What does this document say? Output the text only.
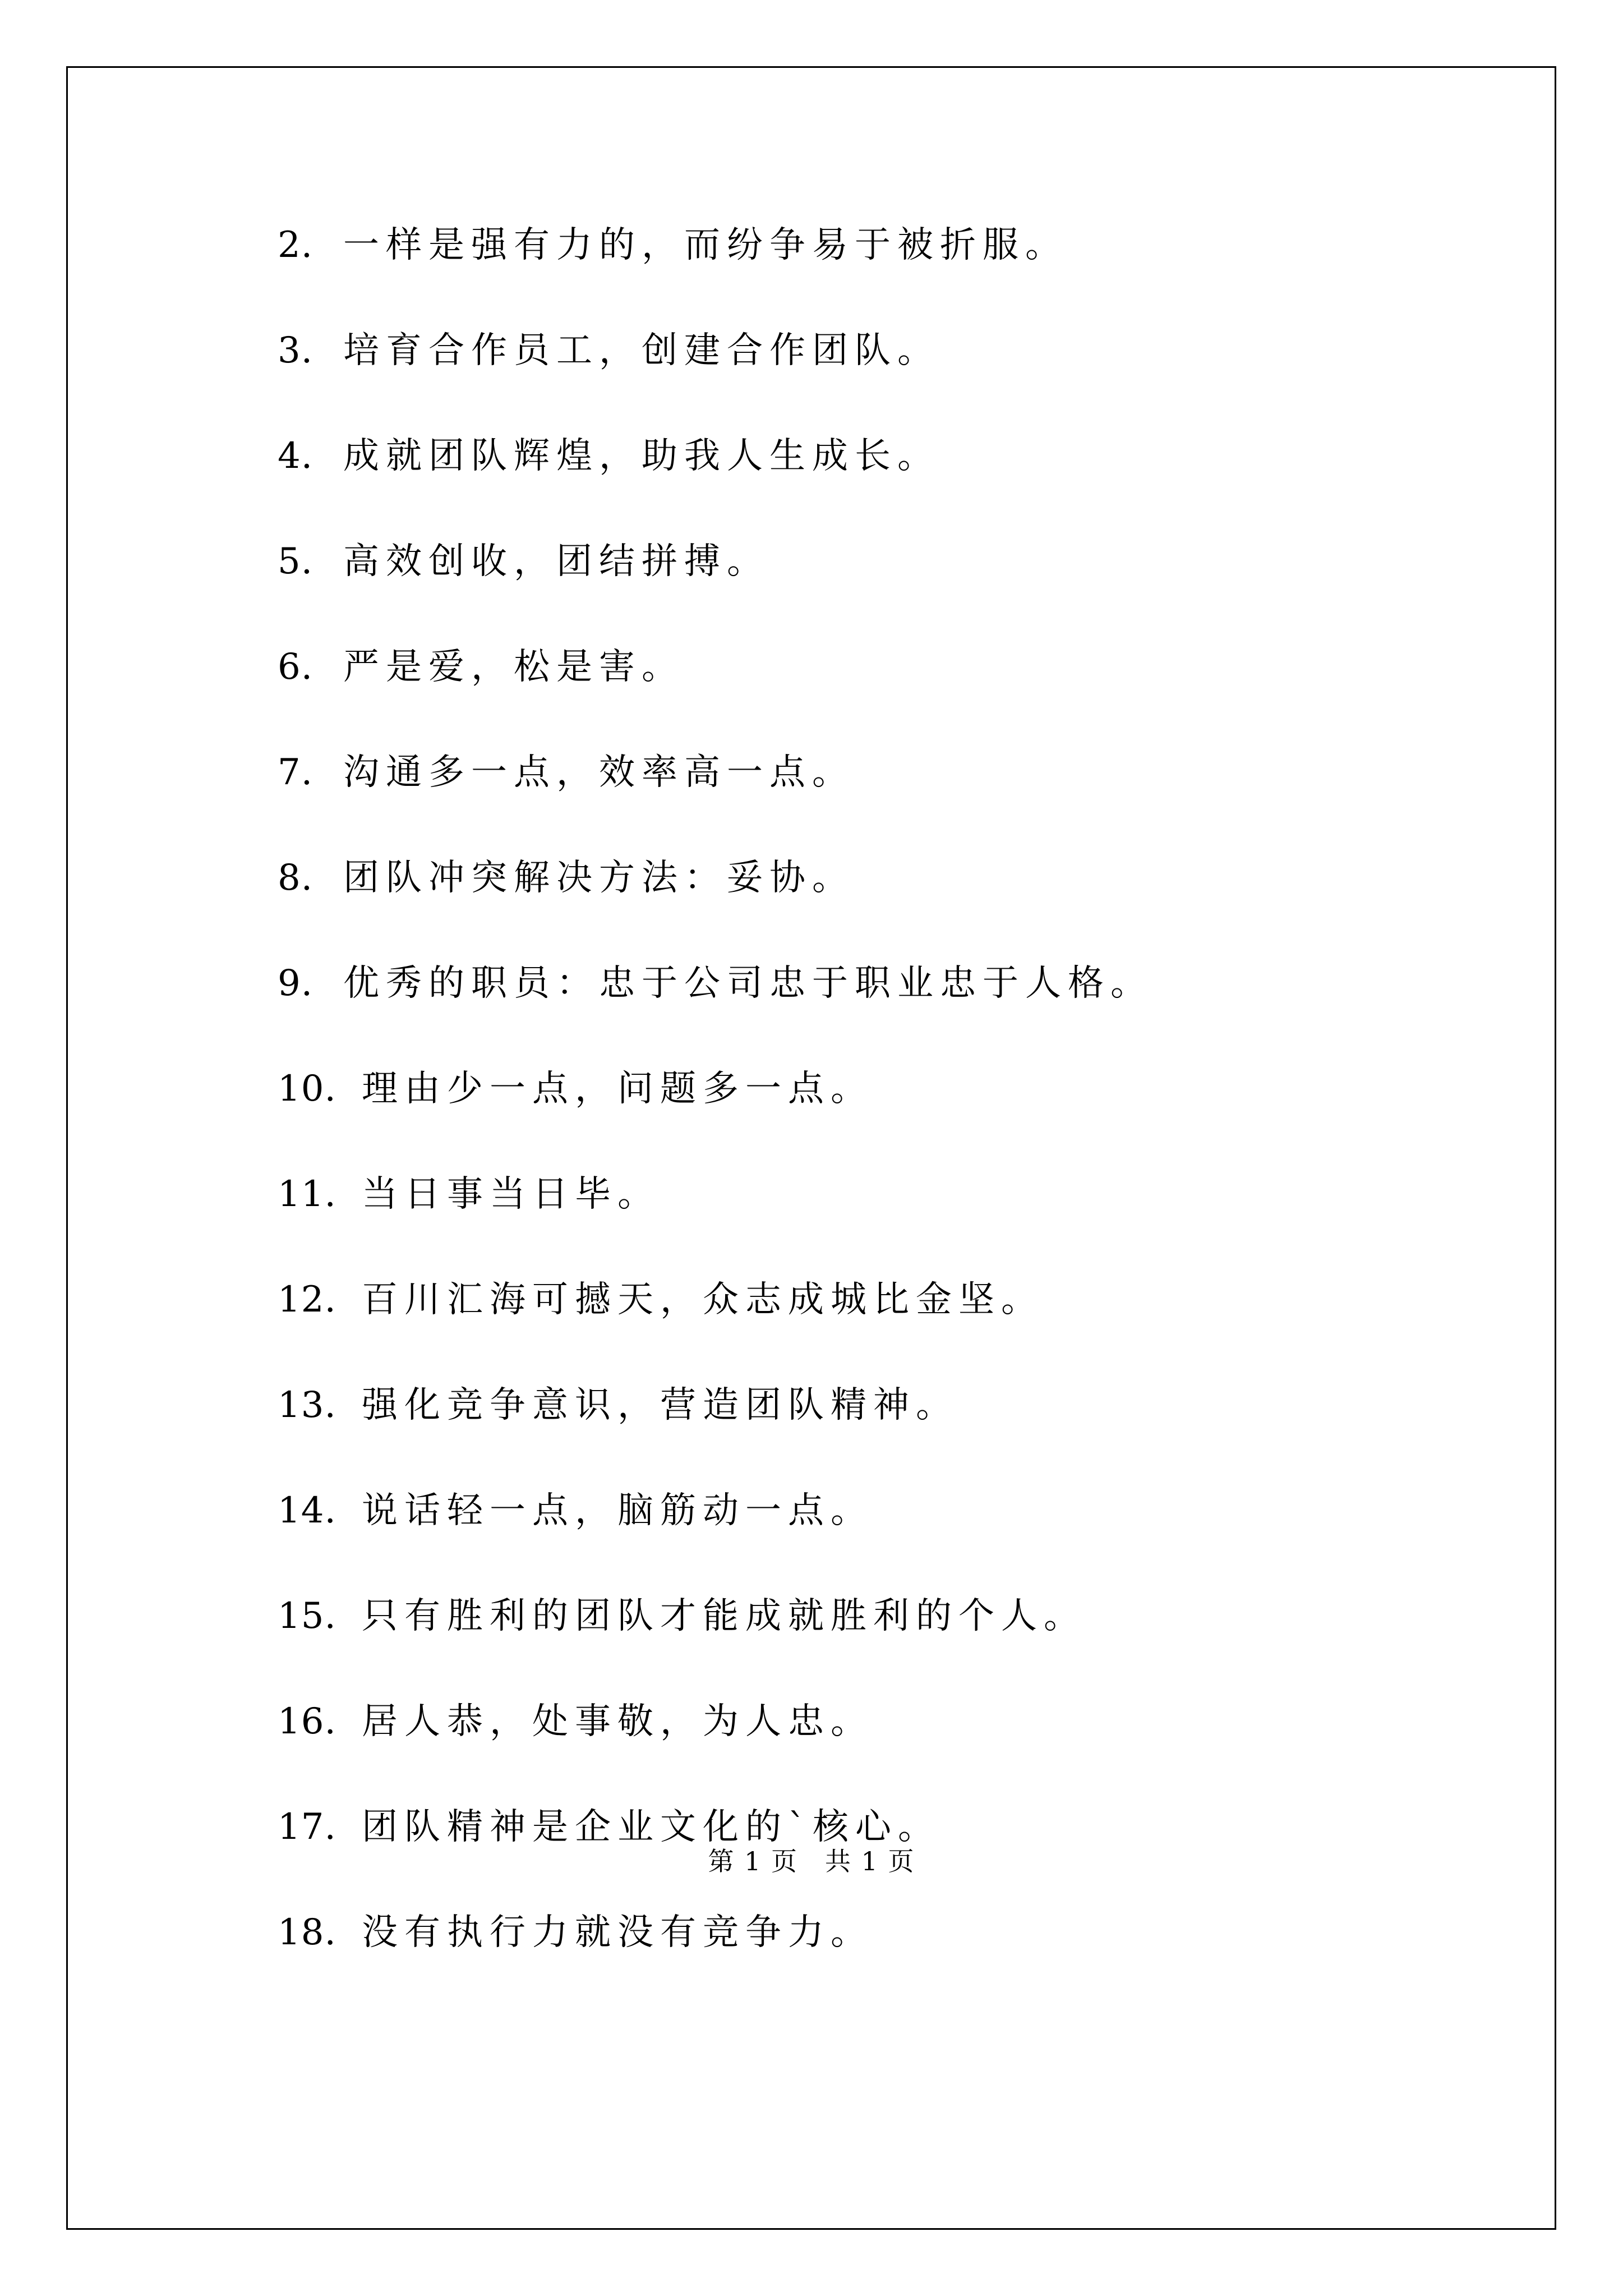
2. 一样是强有力的，而纷争易于被折服。
3. 培育合作员工，创建合作团队。
4. 成就团队辉煌，助我人生成长。
5. 高效创收，团结拼搏。
6. 严是爱，松是害。
7. 沟通多一点，效率高一点。
8. 团队冲突解决方法：妥协。
9. 优秀的职员：忠于公司忠于职业忠于人格。
10. 理由少一点，问题多一点。
11. 当日事当日毕。
12. 百川汇海可撼天，众志成城比金坚。
13. 强化竞争意识，营造团队精神。
14. 说话轻一点，脑筋动一点。
15. 只有胜利的团队才能成就胜利的个人。
16. 居人恭，处事敬，为人忠。
17. 团队精神是企业文化的`核心。
18. 没有执行力就没有竞争力。
第 1 页　共 1 页
